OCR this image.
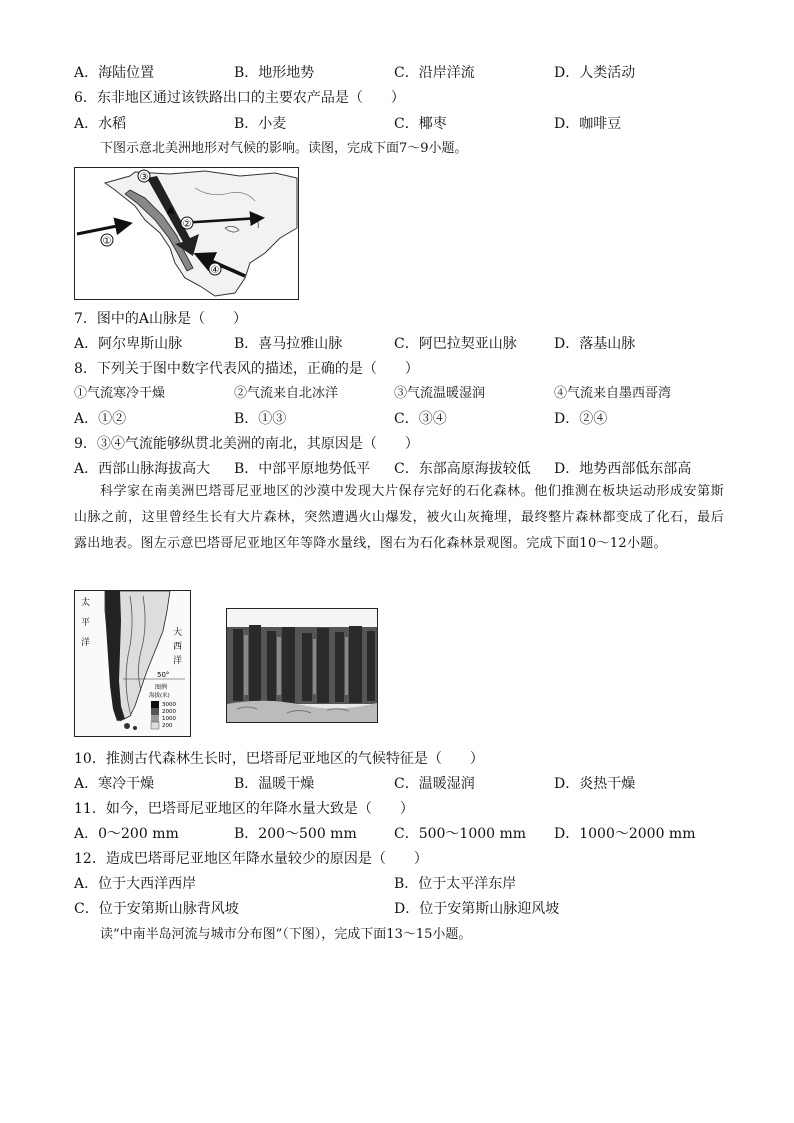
A．海陆位置	B．地形地势	C．沿岸洋流	D．人类活动
6．东非地区通过该铁路出口的主要农产品是（　　）
A．水稻	B．小麦	C．椰枣	D．咖啡豆
下图示意北美洲地形对气候的影响。读图，完成下面7～9小题。
③
①
②
④
A
7．图中的A山脉是（　　）
A．阿尔卑斯山脉	B．喜马拉雅山脉	C．阿巴拉契亚山脉	D．落基山脉
8．下列关于图中数字代表风的描述，正确的是（　　）
①气流寒冷干燥	②气流来自北冰洋	③气流温暖湿润	④气流来自墨西哥湾
A．①②	B．①③	C．③④	D．②④
9．③④气流能够纵贯北美洲的南北，其原因是（　　）
A．西部山脉海拔高大 B．中部平原地势低平 C．东部高原海拔较低 D．地势西部低东部高
科学家在南美洲巴塔哥尼亚地区的沙漠中发现大片保存完好的石化森林。他们推测在板块运动形成安第斯山脉之前，这里曾经生长有大片森林，突然遭遇火山爆发，被火山灰掩埋，最终整片森林都变成了化石，最后露出地表。图左示意巴塔哥尼亚地区年等降水量线，图右为石化森林景观图。完成下面10～12小题。
50°
太
平
洋
大
西
洋
图例
海拔(米)
3000
2000
1000
200
10．推测古代森林生长时，巴塔哥尼亚地区的气候特征是（　　）
A．寒冷干燥	B．温暖干燥	C．温暖湿润	D．炎热干燥
11．如今，巴塔哥尼亚地区的年降水量大致是（　　）
A．0～200 mm	B．200～500 mm	C．500～1000 mm D．1000～2000 mm
12．造成巴塔哥尼亚地区年降水量较少的原因是（　　）
A．位于大西洋西岸	B．位于太平洋东岸
C．位于安第斯山脉背风坡	D．位于安第斯山脉迎风坡
读“中南半岛河流与城市分布图”（下图），完成下面13～15小题。
